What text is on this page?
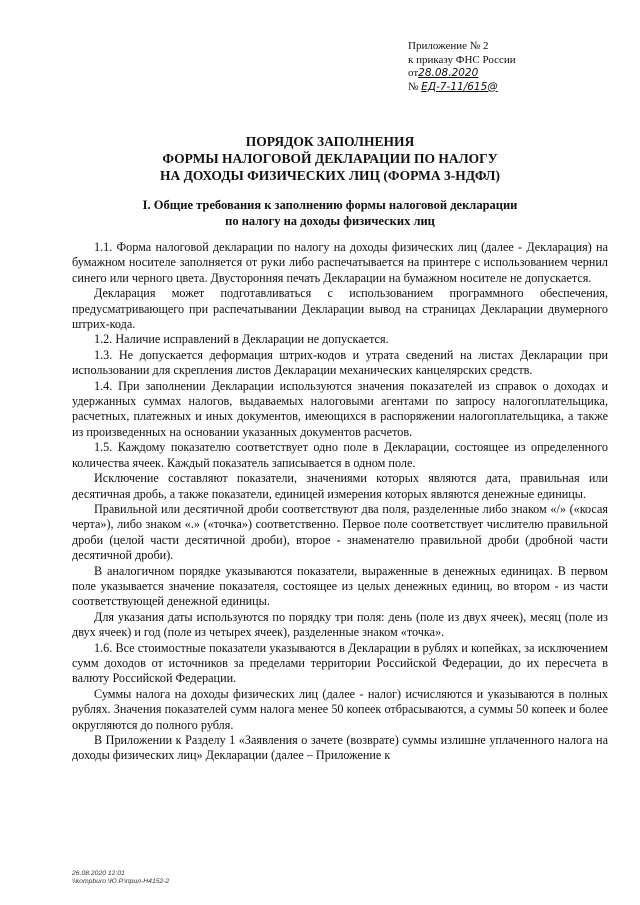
Приложение № 2
к приказу ФНС России
от28.08.2020
№ ЕД-7-11/615@
ПОРЯДОК ЗАПОЛНЕНИЯ
ФОРМЫ НАЛОГОВОЙ ДЕКЛАРАЦИИ ПО НАЛОГУ
НА ДОХОДЫ ФИЗИЧЕСКИХ ЛИЦ (ФОРМА 3-НДФЛ)
I. Общие требования к заполнению формы налоговой декларации
по налогу на доходы физических лиц

1.1. Форма налоговой декларации по налогу на доходы физических лиц (далее - Декларация) на бумажном носителе заполняется от руки либо распечатывается на принтере с использованием чернил синего или черного цвета. Двусторонняя печать Декларации на бумажном носителе не допускается.

Декларация может подготавливаться с использованием программного обеспечения, предусматривающего при распечатывании Декларации вывод на страницах Декларации двумерного штрих-кода.

1.2. Наличие исправлений в Декларации не допускается.

1.3. Не допускается деформация штрих-кодов и утрата сведений на листах Декларации при использовании для скрепления листов Декларации механических канцелярских средств.

1.4. При заполнении Декларации используются значения показателей из справок о доходах и удержанных суммах налогов, выдаваемых налоговыми агентами по запросу налогоплательщика, расчетных, платежных и иных документов, имеющихся в распоряжении налогоплательщика, а также из произведенных на основании указанных документов расчетов.

1.5. Каждому показателю соответствует одно поле в Декларации, состоящее из определенного количества ячеек. Каждый показатель записывается в одном поле.

Исключение составляют показатели, значениями которых являются дата, правильная или десятичная дробь, а также показатели, единицей измерения которых являются денежные единицы.

Правильной или десятичной дроби соответствуют два поля, разделенные либо знаком «/» («косая черта»), либо знаком «.» («точка») соответственно. Первое поле соответствует числителю правильной дроби (целой части десятичной дроби), второе - знаменателю правильной дроби (дробной части десятичной дроби).

В аналогичном порядке указываются показатели, выраженные в денежных единицах. В первом поле указывается значение показателя, состоящее из целых денежных единиц, во втором - из части соответствующей денежной единицы.

Для указания даты используются по порядку три поля: день (поле из двух ячеек), месяц (поле из двух ячеек) и год (поле из четырех ячеек), разделенные знаком «точка».

1.6. Все стоимостные показатели указываются в Декларации в рублях и копейках, за исключением сумм доходов от источников за пределами территории Российской Федерации, до их пересчета в валюту Российской Федерации.

Суммы налога на доходы физических лиц (далее - налог) исчисляются и указываются в полных рублях. Значения показателей сумм налога менее 50 копеек отбрасываются, а суммы 50 копеек и более округляются до полного рубля.

В Приложении к Разделу 1 «Заявления о зачете (возврате) суммы излишне уплаченного налога на доходы физических лиц» Декларации (далее – Приложение к

26.08.2020 12:01
\\kompburo \Ю.Р.\прил-Н4152-2
